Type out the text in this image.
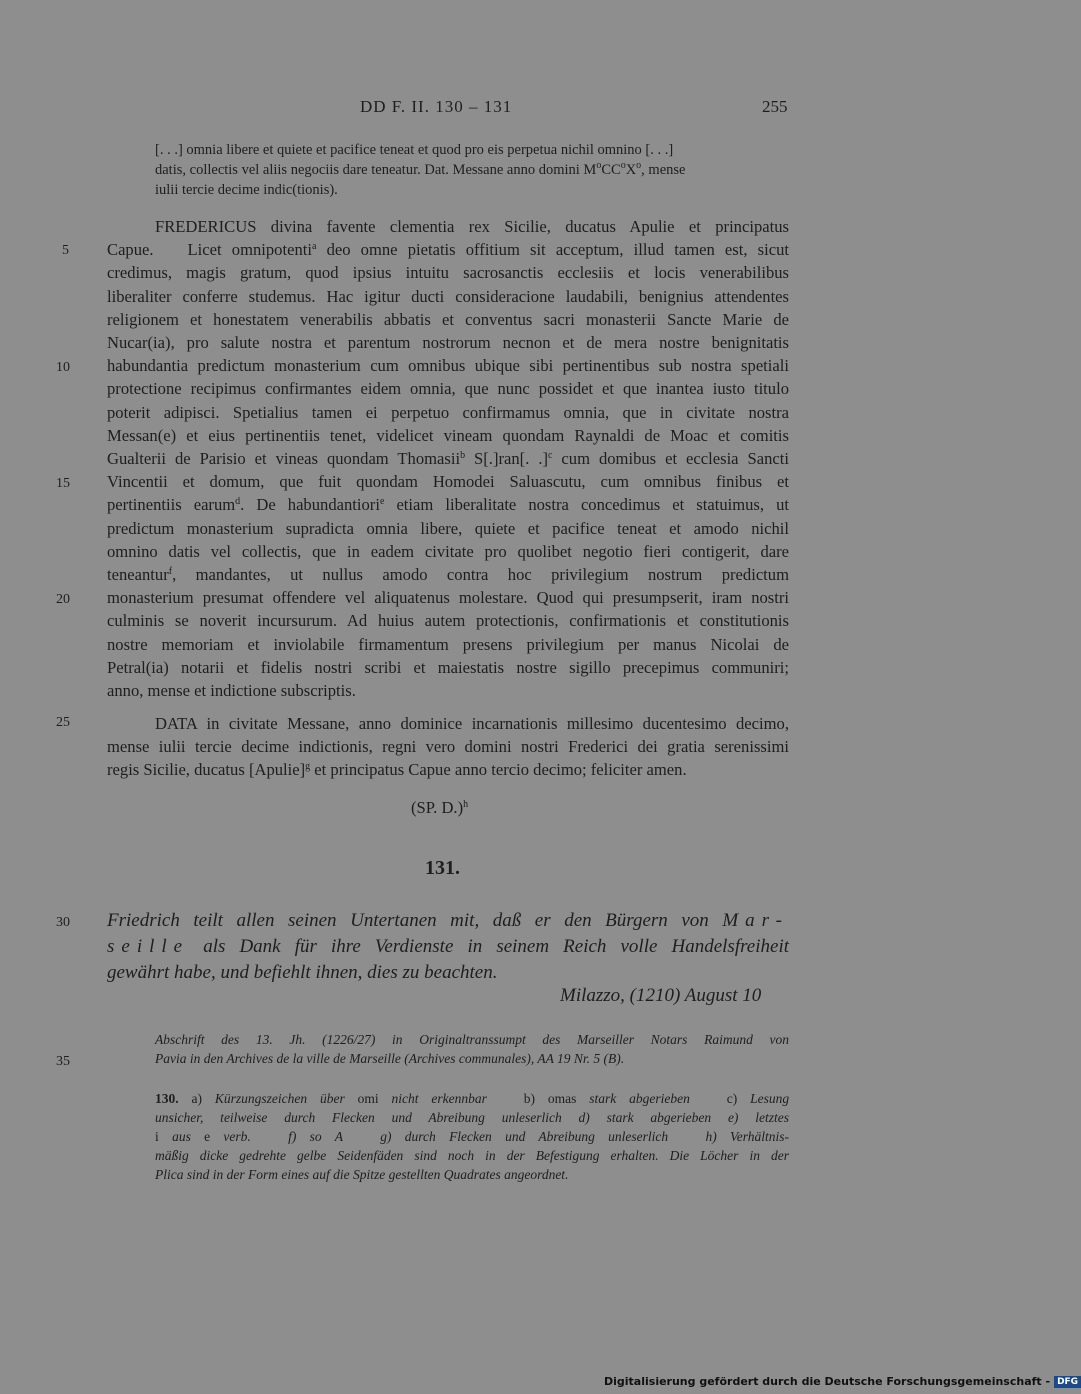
DD F. II. 130 – 131	255
[. . .] omnia libere et quiete et pacifice teneat et quod pro eis perpetua nichil omnino [. . .]
datis, collectis vel aliis negociis dare teneatur. Dat. Messane anno domini $M^oCC^oX^o$, mense
iulii tercie decime indic(tionis).
5
10
15
20
25
30
35
FREDERICUS divina favente clementia rex Sicilie, ducatus Apulie et principatus
Capue. Licet omnipotenti$^a$ deo omne pietatis offitium sit acceptum, illud tamen est, sicut
credimus, magis gratum, quod ipsius intuitu sacrosanctis ecclesiis et locis venerabilibus
liberaliter conferre studemus. Hac igitur ducti consideracione laudabili, benignius attendentes
religionem et honestatem venerabilis abbatis et conventus sacri monasterii Sancte Marie de
Nucar(ia), pro salute nostra et parentum nostrorum necnon et de mera nostre benignitatis
habundantia predictum monasterium cum omnibus ubique sibi pertinentibus sub nostra spetiali
protectione recipimus confirmantes eidem omnia, que nunc possidet et que inantea iusto titulo
poterit adipisci. Spetialius tamen ei perpetuo confirmamus omnia, que in civitate nostra
Messan(e) et eius pertinentiis tenet, videlicet vineam quondam Raynaldi de Moac et comitis
Gualterii de Parisio et vineas quondam Thomasii$^b$ S[.]ran[. .]$^c$ cum domibus et ecclesia Sancti
Vincentii et domum, que fuit quondam Homodei Saluascutu, cum omnibus finibus et
pertinentiis earum$^d$. De habundantiori$^e$ etiam liberalitate nostra concedimus et statuimus, ut
predictum monasterium supradicta omnia libere, quiete et pacifice teneat et amodo nichil
omnino datis vel collectis, que in eadem civitate pro quolibet negotio fieri contigerit, dare
teneantur$^f$, mandantes, ut nullus amodo contra hoc privilegium nostrum predictum
monasterium presumat offendere vel aliquatenus molestare. Quod qui presumpserit, iram nostri
culminis se noverit incursurum. Ad huius autem protectionis, confirmationis et constitutionis
nostre memoriam et inviolabile firmamentum presens privilegium per manus Nicolai de
Petral(ia) notarii et fidelis nostri scribi et maiestatis nostre sigillo precepimus communiri;
anno, mense et indictione subscriptis.
DATA in civitate Messane, anno dominice incarnationis millesimo ducentesimo decimo,
mense iulii tercie decime indictionis, regni vero domini nostri Frederici dei gratia serenissimi
regis Sicilie, ducatus [Apulie]$^g$ et principatus Capue anno tercio decimo; feliciter amen.
(SP. D.)$^h$
131.
Friedrich teilt allen seinen Untertanen mit, daß er den Bürgern von Mar-
seille als Dank für ihre Verdienste in seinem Reich volle Handelsfreiheit
gewährt habe, und befiehlt ihnen, dies zu beachten.
Milazzo, (1210) August 10
Abschrift des 13. Jh. (1226/27) in Originaltranssumpt des Marseiller Notars Raimund von
Pavia in den Archives de la ville de Marseille (Archives communales), AA 19 Nr. 5 (B).
130. a) Kürzungszeichen über omi nicht erkennbar	b) omas stark abgerieben	c) Lesung
unsicher, teilweise durch Flecken und Abreibung unleserlich d) stark abgerieben e) letztes
i aus e verb.	f) so A	g) durch Flecken und Abreibung unleserlich	h) Verhältnis-
mäßig dicke gedrehte gelbe Seidenfäden sind noch in der Befestigung erhalten. Die Löcher in der
Plica sind in der Form eines auf die Spitze gestellten Quadrates angeordnet.
Digitalisierung gefördert durch die Deutsche Forschungsgemeinschaft - DFG
